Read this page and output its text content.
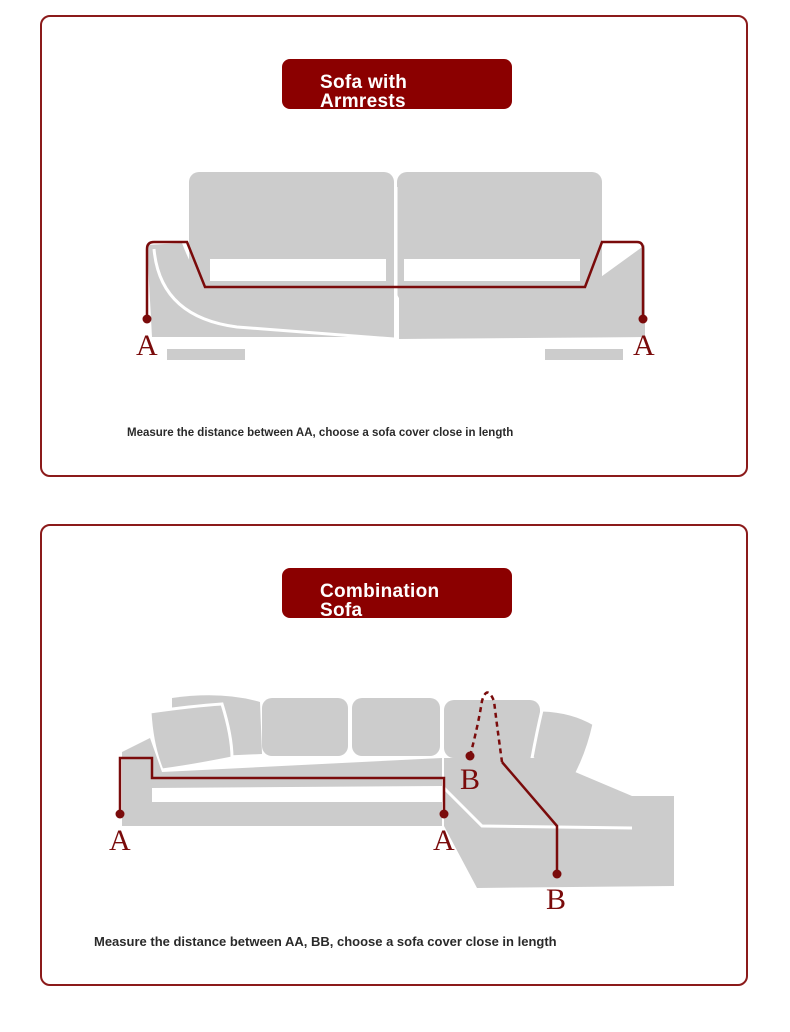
Sofa with Armrests
A	A
Measure the distance between AA, choose a sofa cover close in length
Combination Sofa
B
A	A
B
Measure the distance between AA, BB, choose a sofa cover close in length
